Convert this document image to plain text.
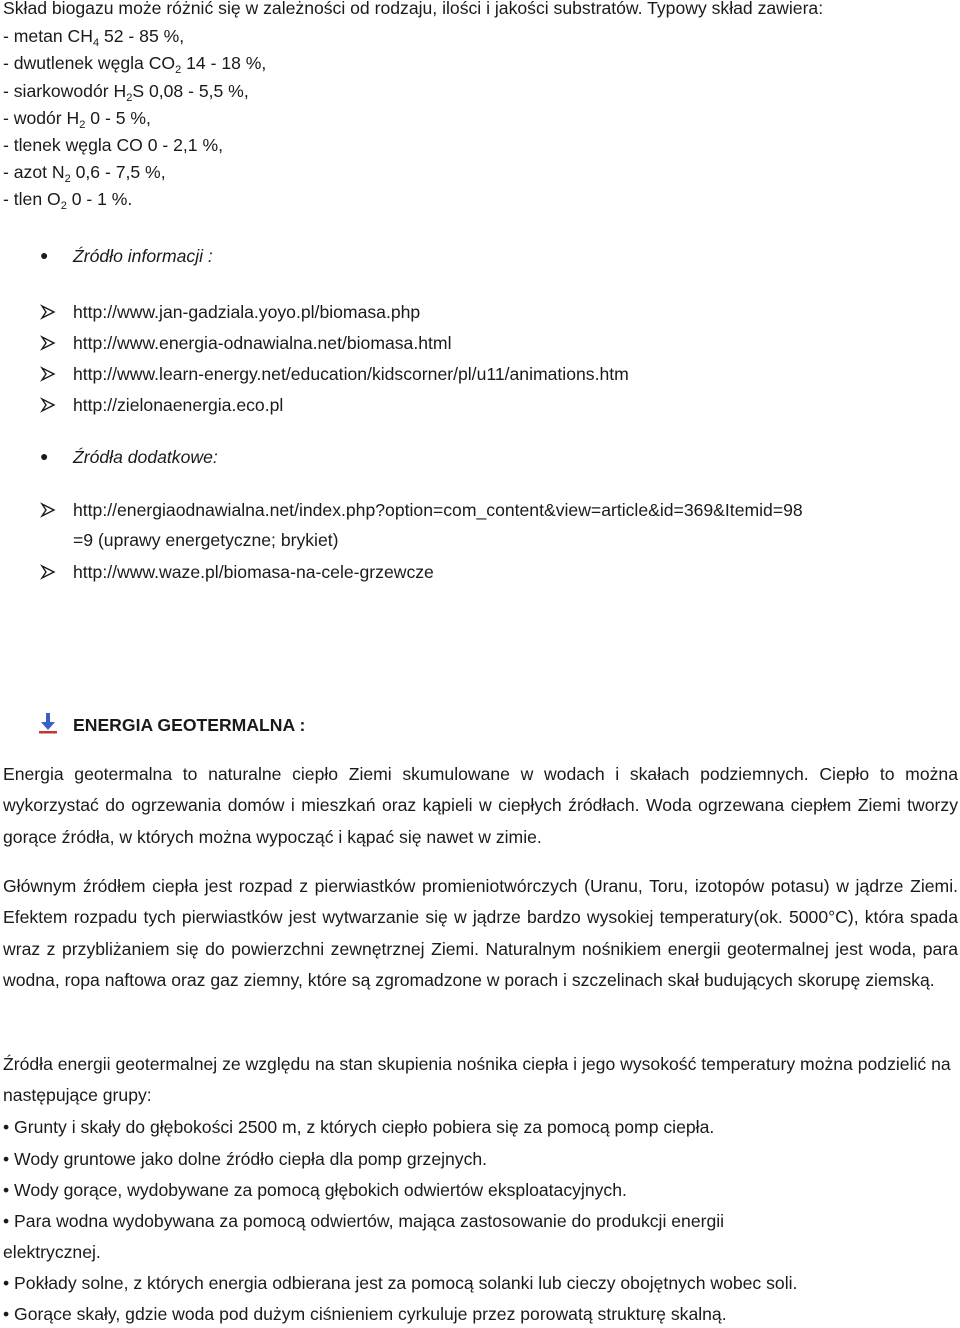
Skład biogazu może różnić się w zależności od rodzaju, ilości i jakości substratów. Typowy skład zawiera:
- metan $CH_4$ 52 - 85 %,
- dwutlenek węgla $CO_2$ 14 - 18 %,
- siarkowodór $H_2S$ 0,08 - 5,5 %,
- wodór $H_2$ 0 - 5 %,
- tlenek węgla CO 0 - 2,1 %,
- azot $N_2$ 0,6 - 7,5 %,
- tlen $O_2$ 0 - 1 %.
● Źródło informacji :
http://www.jan-gadziala.yoyo.pl/biomasa.php
http://www.energia-odnawialna.net/biomasa.html
http://www.learn-energy.net/education/kidscorner/pl/u11/animations.htm
http://zielonaenergia.eco.pl
● Źródła dodatkowe:
http://energiaodnawialna.net/index.php?option=com_content&view=article&id=369&Itemid=98
=9 (uprawy energetyczne; brykiet)
http://www.waze.pl/biomasa-na-cele-grzewcze
ENERGIA GEOTERMALNA :
Energia geotermalna to naturalne ciepło Ziemi skumulowane w wodach i skałach podziemnych. Ciepło to można wykorzystać do ogrzewania domów i mieszkań oraz kąpieli w ciepłych źródłach. Woda ogrzewana ciepłem Ziemi tworzy gorące źródła, w których można wypocząć i kąpać się nawet w zimie.
Głównym źródłem ciepła jest rozpad z pierwiastków promieniotwórczych (Uranu, Toru, izotopów potasu) w jądrze Ziemi. Efektem rozpadu tych pierwiastków jest wytwarzanie się w jądrze bardzo wysokiej temperatury(ok. 5000°C), która spada wraz z przybliżaniem się do powierzchni zewnętrznej Ziemi. Naturalnym nośnikiem energii geotermalnej jest woda, para wodna, ropa naftowa oraz gaz ziemny, które są zgromadzone w porach i szczelinach skał budujących skorupę ziemską.
Źródła energii geotermalnej ze względu na stan skupienia nośnika ciepła i jego wysokość temperatury można podzielić na następujące grupy:
• Grunty i skały do głębokości 2500 m, z których ciepło pobiera się za pomocą pomp ciepła.
• Wody gruntowe jako dolne źródło ciepła dla pomp grzejnych.
• Wody gorące, wydobywane za pomocą głębokich odwiertów eksploatacyjnych.
• Para wodna wydobywana za pomocą odwiertów, mająca zastosowanie do produkcji energii
elektrycznej.
• Pokłady solne, z których energia odbierana jest za pomocą solanki lub cieczy obojętnych wobec soli.
• Gorące skały, gdzie woda pod dużym ciśnieniem cyrkuluje przez porowatą strukturę skalną.
